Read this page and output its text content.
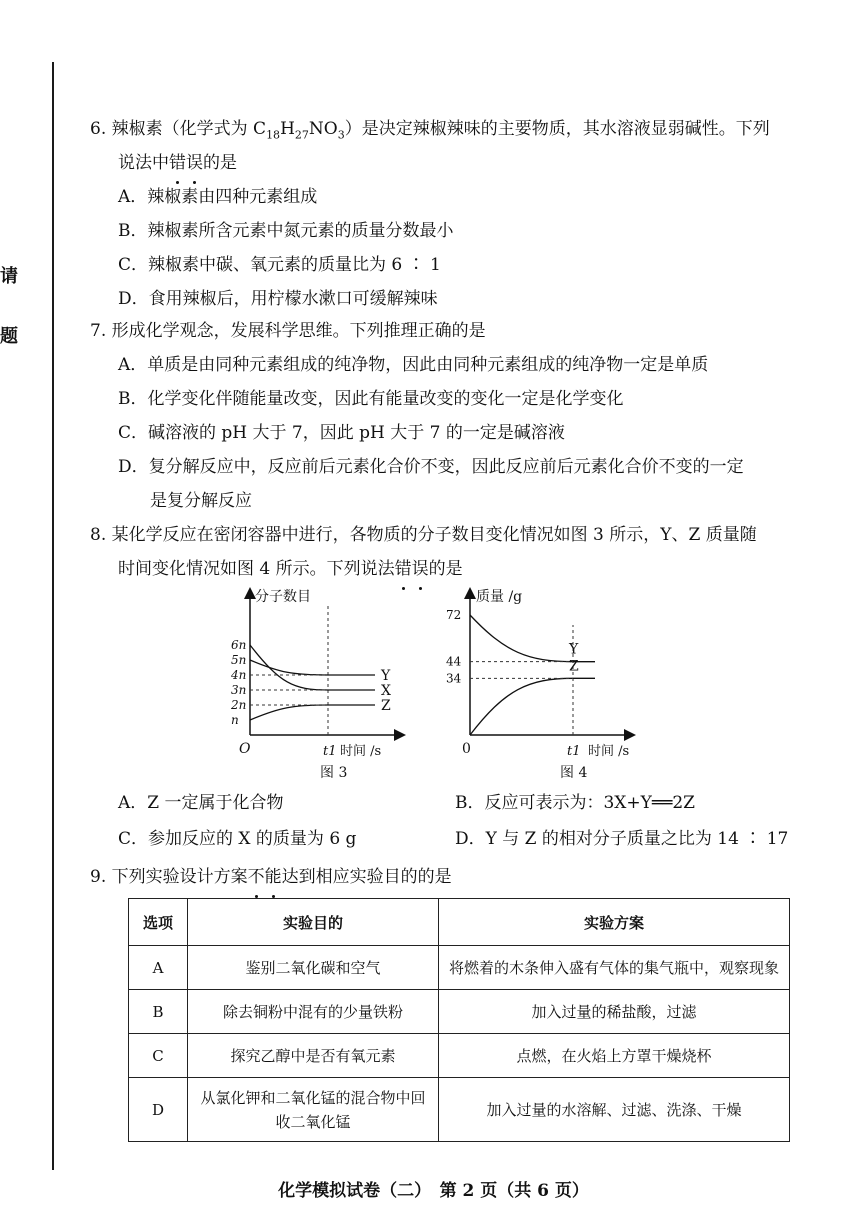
请
题
6. 辣椒素（化学式为 $C_{18}H_{27}NO_3$）是决定辣椒辣味的主要物质，其水溶液显弱碱性。下列
说法中错误的是
A．辣椒素由四种元素组成
B．辣椒素所含元素中氮元素的质量分数最小
C．辣椒素中碳、氧元素的质量比为 6 ∶ 1
D．食用辣椒后，用柠檬水漱口可缓解辣味
7. 形成化学观念，发展科学思维。下列推理正确的是
A．单质是由同种元素组成的纯净物，因此由同种元素组成的纯净物一定是单质
B．化学变化伴随能量改变，因此有能量改变的变化一定是化学变化
C．碱溶液的 pH 大于 7，因此 pH 大于 7 的一定是碱溶液
D．复分解反应中，反应前后元素化合价不变，因此反应前后元素化合价不变的一定
是复分解反应
8. 某化学反应在密闭容器中进行，各物质的分子数目变化情况如图 3 所示，Y、Z 质量随
时间变化情况如图 4 所示。下列说法错误的是
分子数目
时间 /s
O	t1
n
2n
3n
4n
5n
6n
X
Y
Z
图 3
质量 /g
时间 /s
0	t1
34
44
72
Y
Z
图 4
A．Z 一定属于化合物	B．反应可表示为：3X+Y══2Z
C．参加反应的 X 的质量为 6 g	D．Y 与 Z 的相对分子质量之比为 14 ∶ 17
9. 下列实验设计方案不能达到相应实验目的的是
选项	实验目的	实验方案
A	鉴别二氧化碳和空气	将燃着的木条伸入盛有气体的集气瓶中，观察现象
B	除去铜粉中混有的少量铁粉	加入过量的稀盐酸，过滤
C	探究乙醇中是否有氧元素	点燃，在火焰上方罩干燥烧杯
D	从氯化钾和二氧化锰的混合物中回收二氧化锰	加入过量的水溶解、过滤、洗涤、干燥
化学模拟试卷（二）　第 2 页（共 6 页）
